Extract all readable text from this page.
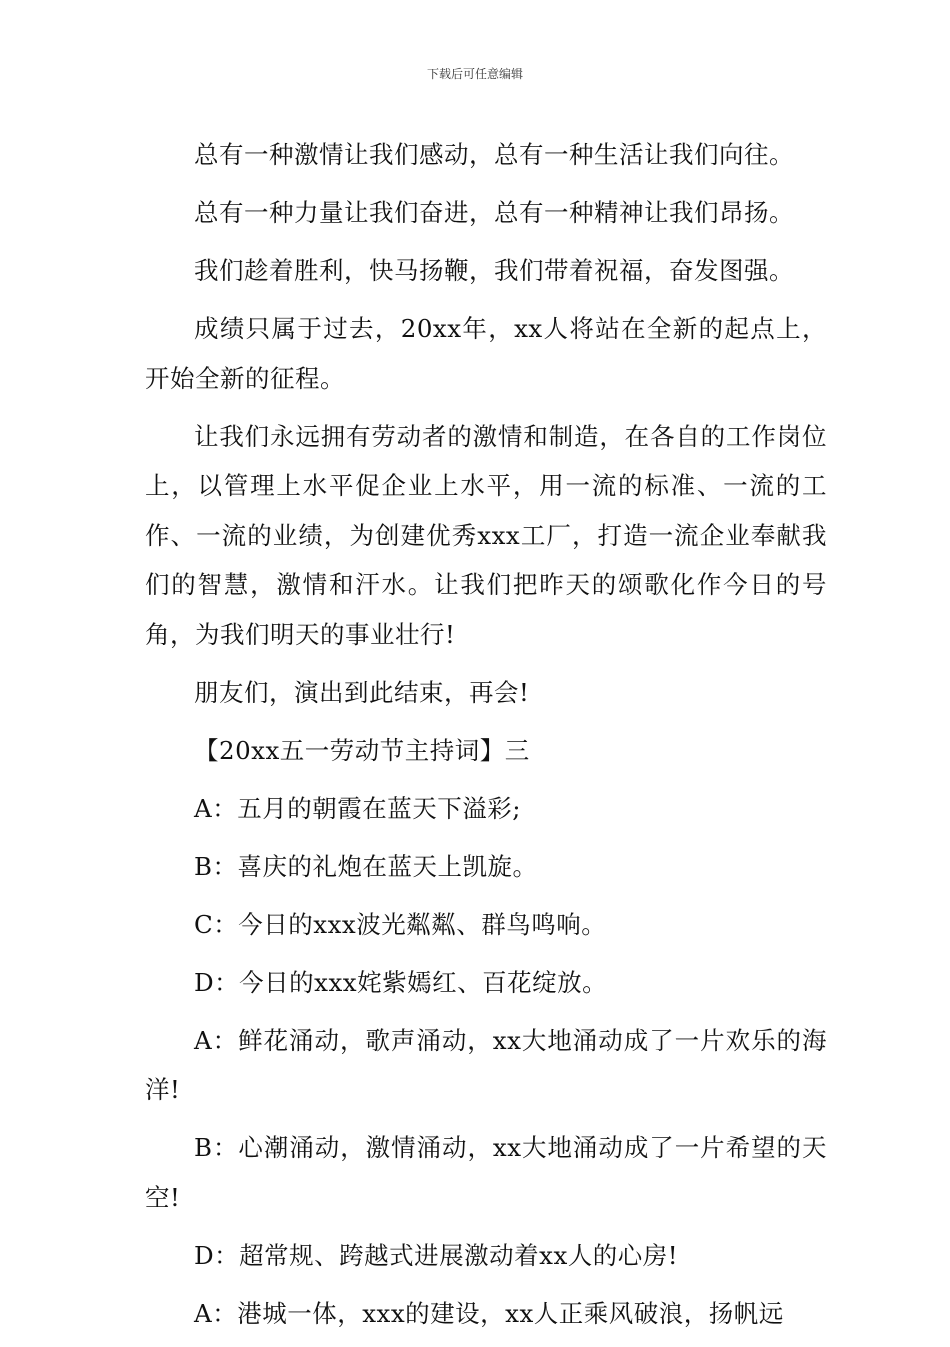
下载后可任意编辑

总有一种激情让我们感动，总有一种生活让我们向往。

总有一种力量让我们奋进，总有一种精神让我们昂扬。

我们趁着胜利，快马扬鞭，我们带着祝福，奋发图强。

成绩只属于过去，20xx年，xx人将站在全新的起点上，开始全新的征程。

让我们永远拥有劳动者的激情和制造，在各自的工作岗位上，以管理上水平促企业上水平，用一流的标准、一流的工作、一流的业绩，为创建优秀xxx工厂，打造一流企业奉献我们的智慧，激情和汗水。让我们把昨天的颂歌化作今日的号角，为我们明天的事业壮行!

朋友们，演出到此结束，再会!

【20xx五一劳动节主持词】三

A：五月的朝霞在蓝天下溢彩;

B：喜庆的礼炮在蓝天上凯旋。

C：今日的xxx波光粼粼、群鸟鸣响。

D：今日的xxx姹紫嫣红、百花绽放。

A：鲜花涌动，歌声涌动，xx大地涌动成了一片欢乐的海洋!

B：心潮涌动，激情涌动，xx大地涌动成了一片希望的天空!

D：超常规、跨越式进展激动着xx人的心房!

A：港城一体，xxx的建设，xx人正乘风破浪，扬帆远
